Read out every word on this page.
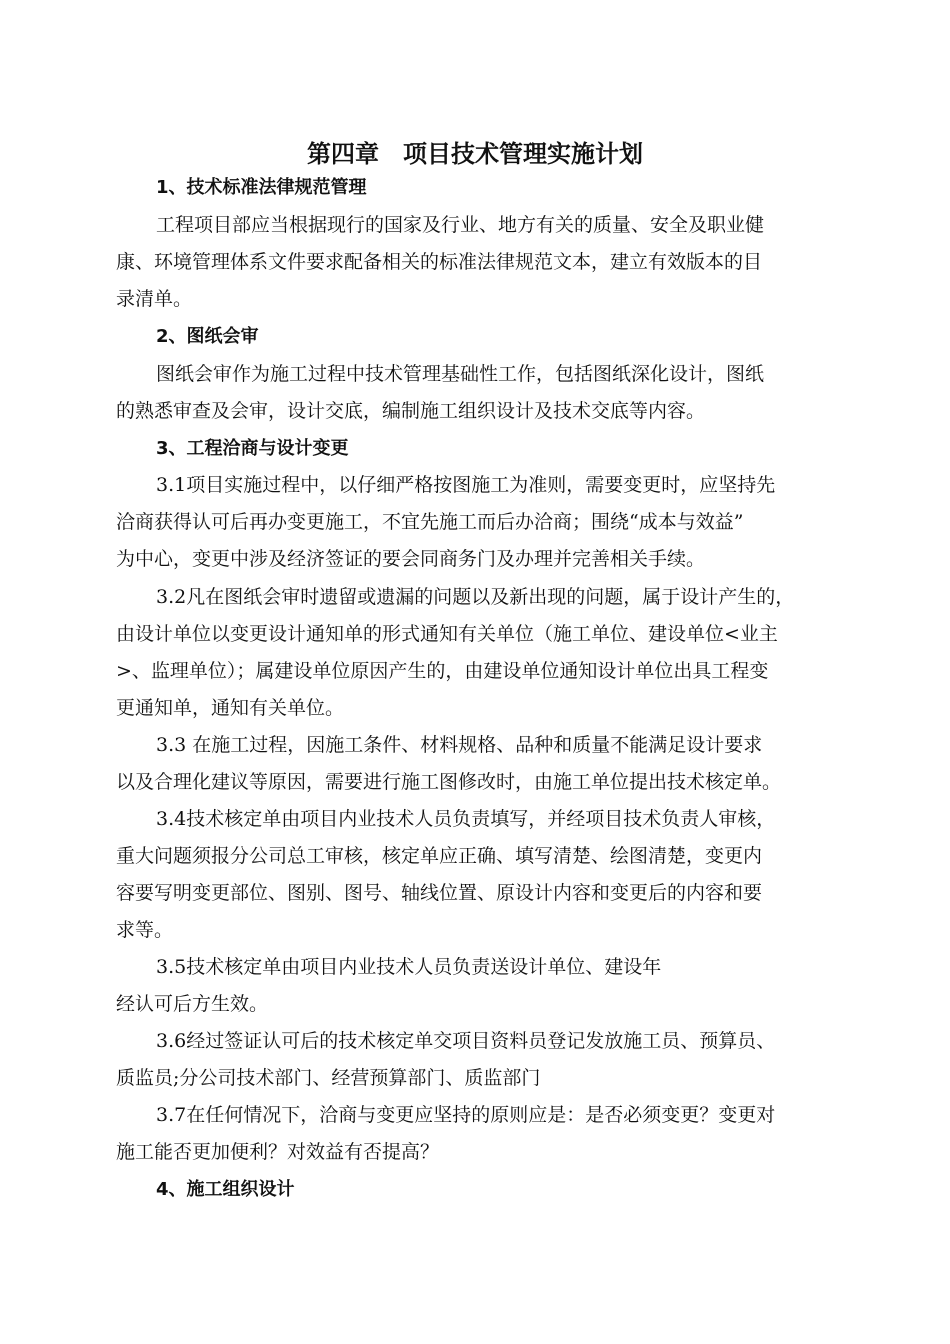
第四章　项目技术管理实施计划
1、技术标准法律规范管理
工程项目部应当根据现行的国家及行业、地方有关的质量、安全及职业健
康、环境管理体系文件要求配备相关的标准法律规范文本，建立有效版本的目
录清单。
2、图纸会审
图纸会审作为施工过程中技术管理基础性工作，包括图纸深化设计，图纸
的熟悉审查及会审，设计交底，编制施工组织设计及技术交底等内容。
3、工程洽商与设计变更
3.1项目实施过程中，以仔细严格按图施工为准则，需要变更时，应坚持先
洽商获得认可后再办变更施工，不宜先施工而后办洽商；围绕“成本与效益”
为中心，变更中涉及经济签证的要会同商务门及办理并完善相关手续。
3.2凡在图纸会审时遗留或遗漏的问题以及新出现的问题，属于设计产生的，
由设计单位以变更设计通知单的形式通知有关单位（施工单位、建设单位<业主
>、监理单位）；属建设单位原因产生的，由建设单位通知设计单位出具工程变
更通知单，通知有关单位。
3.3 在施工过程，因施工条件、材料规格、品种和质量不能满足设计要求
以及合理化建议等原因，需要进行施工图修改时，由施工单位提出技术核定单。
3.4技术核定单由项目内业技术人员负责填写，并经项目技术负责人审核，
重大问题须报分公司总工审核，核定单应正确、填写清楚、绘图清楚，变更内
容要写明变更部位、图别、图号、轴线位置、原设计内容和变更后的内容和要
求等。
3.5技术核定单由项目内业技术人员负责送设计单位、建设年
经认可后方生效。
3.6经过签证认可后的技术核定单交项目资料员登记发放施工员、预算员、
质监员;分公司技术部门、经营预算部门、质监部门
3.7在任何情况下，洽商与变更应坚持的原则应是：是否必须变更？变更对
施工能否更加便利？对效益有否提高？
4、施工组织设计
